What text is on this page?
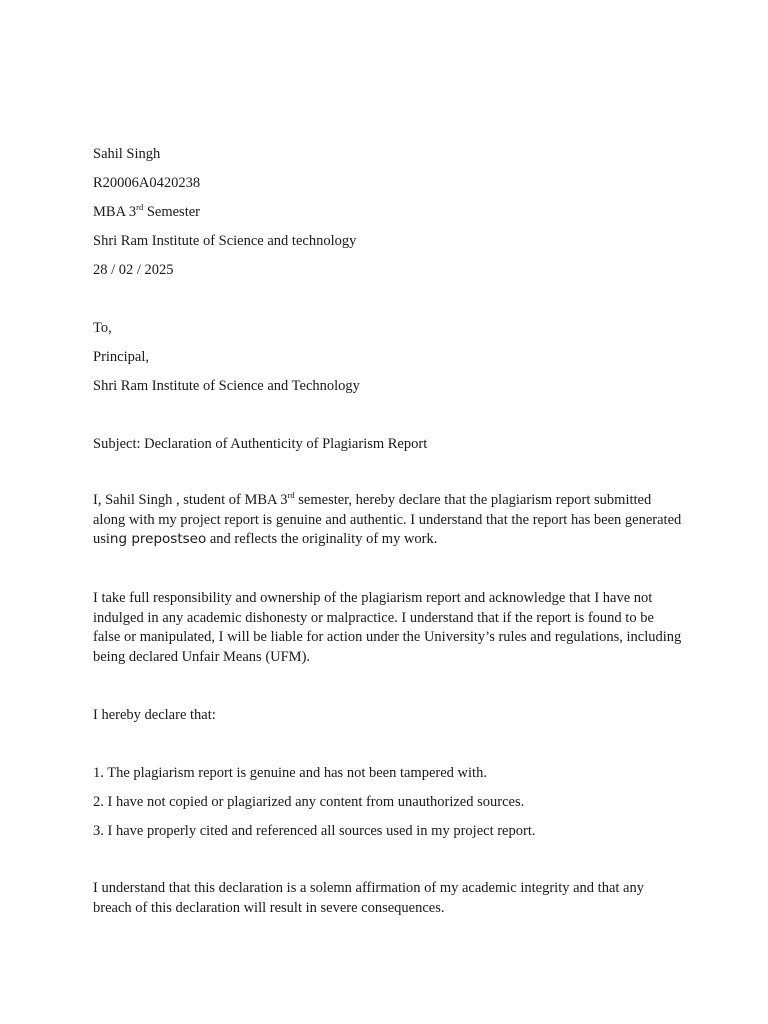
Sahil Singh
R20006A0420238
MBA 3rd Semester
Shri Ram Institute of Science and technology
28 / 02 / 2025
To,
Principal,
Shri Ram Institute of Science and Technology
Subject: Declaration of Authenticity of Plagiarism Report
I, Sahil Singh , student of MBA 3rd semester, hereby declare that the plagiarism report submitted along with my project report is genuine and authentic. I understand that the report has been generated using prepostseo and reflects the originality of my work.
I take full responsibility and ownership of the plagiarism report and acknowledge that I have not indulged in any academic dishonesty or malpractice. I understand that if the report is found to be false or manipulated, I will be liable for action under the University’s rules and regulations, including being declared Unfair Means (UFM).
I hereby declare that:
1. The plagiarism report is genuine and has not been tampered with.
2. I have not copied or plagiarized any content from unauthorized sources.
3. I have properly cited and referenced all sources used in my project report.
I understand that this declaration is a solemn affirmation of my academic integrity and that any breach of this declaration will result in severe consequences.
